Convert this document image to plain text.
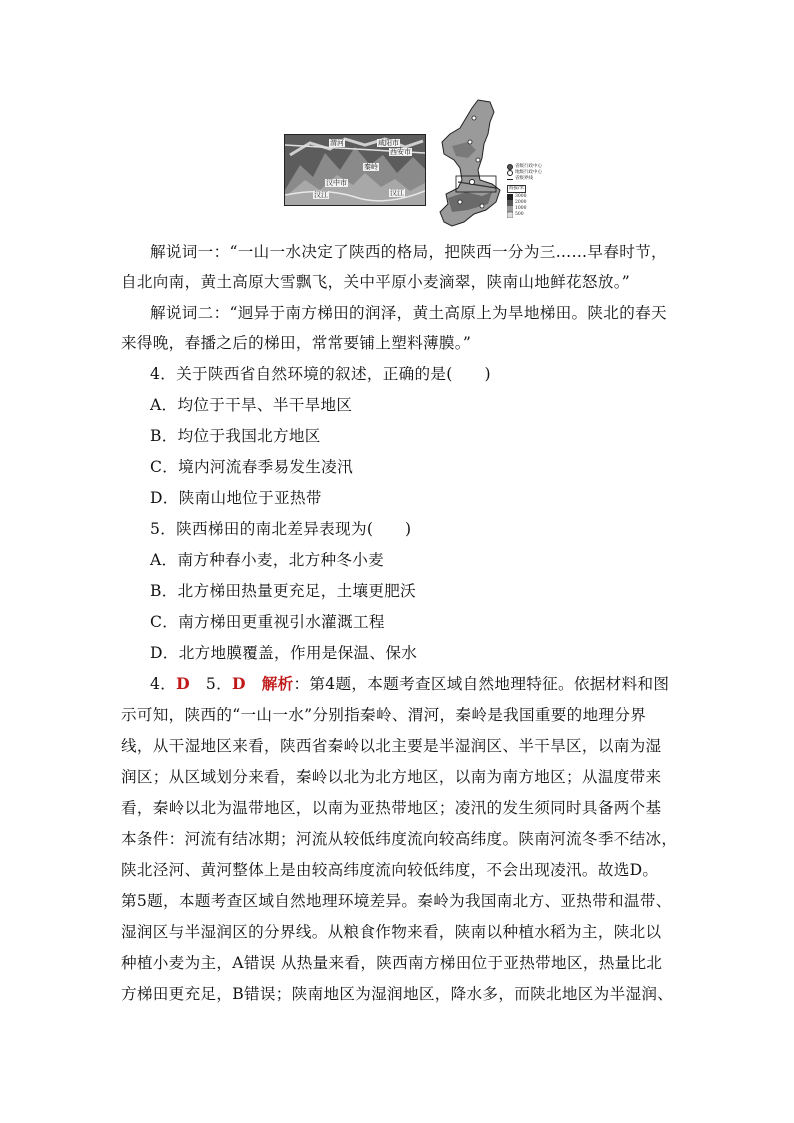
渭河	咸阳市
西安市
秦岭
汉中市
汉江	汉江
省级行政中心
地级行政中心
省级界线
海拔/米
3000
2000
1000
500
解说词一：“一山一水决定了陕西的格局，把陕西一分为三……早春时节，
自北向南，黄土高原大雪飘飞，关中平原小麦滴翠，陕南山地鲜花怒放。”
解说词二：“迥异于南方梯田的润泽，黄土高原上为旱地梯田。陕北的春天
来得晚，春播之后的梯田，常常要铺上塑料薄膜。”
4．关于陕西省自然环境的叙述，正确的是(　　)
A．均位于干旱、半干旱地区
B．均位于我国北方地区
C．境内河流春季易发生凌汛
D．陕南山地位于亚热带
5．陕西梯田的南北差异表现为(　　)
A．南方种春小麦，北方种冬小麦
B．北方梯田热量更充足，土壤更肥沃
C．南方梯田更重视引水灌溉工程
D．北方地膜覆盖，作用是保温、保水
4．D　5．D　解析：第4题，本题考查区域自然地理特征。依据材料和图
示可知，陕西的“一山一水”分别指秦岭、渭河，秦岭是我国重要的地理分界
线，从干湿地区来看，陕西省秦岭以北主要是半湿润区、半干旱区，以南为湿
润区；从区域划分来看，秦岭以北为北方地区，以南为南方地区；从温度带来
看，秦岭以北为温带地区，以南为亚热带地区；凌汛的发生须同时具备两个基
本条件：河流有结冰期；河流从较低纬度流向较高纬度。陕南河流冬季不结冰，
陕北泾河、黄河整体上是由较高纬度流向较低纬度，不会出现凌汛。故选D。
第5题，本题考查区域自然地理环境差异。秦岭为我国南北方、亚热带和温带、
湿润区与半湿润区的分界线。从粮食作物来看，陕南以种植水稻为主，陕北以
种植小麦为主，A错误 从热量来看，陕西南方梯田位于亚热带地区，热量比北
方梯田更充足，B错误；陕南地区为湿润地区，降水多，而陕北地区为半湿润、
